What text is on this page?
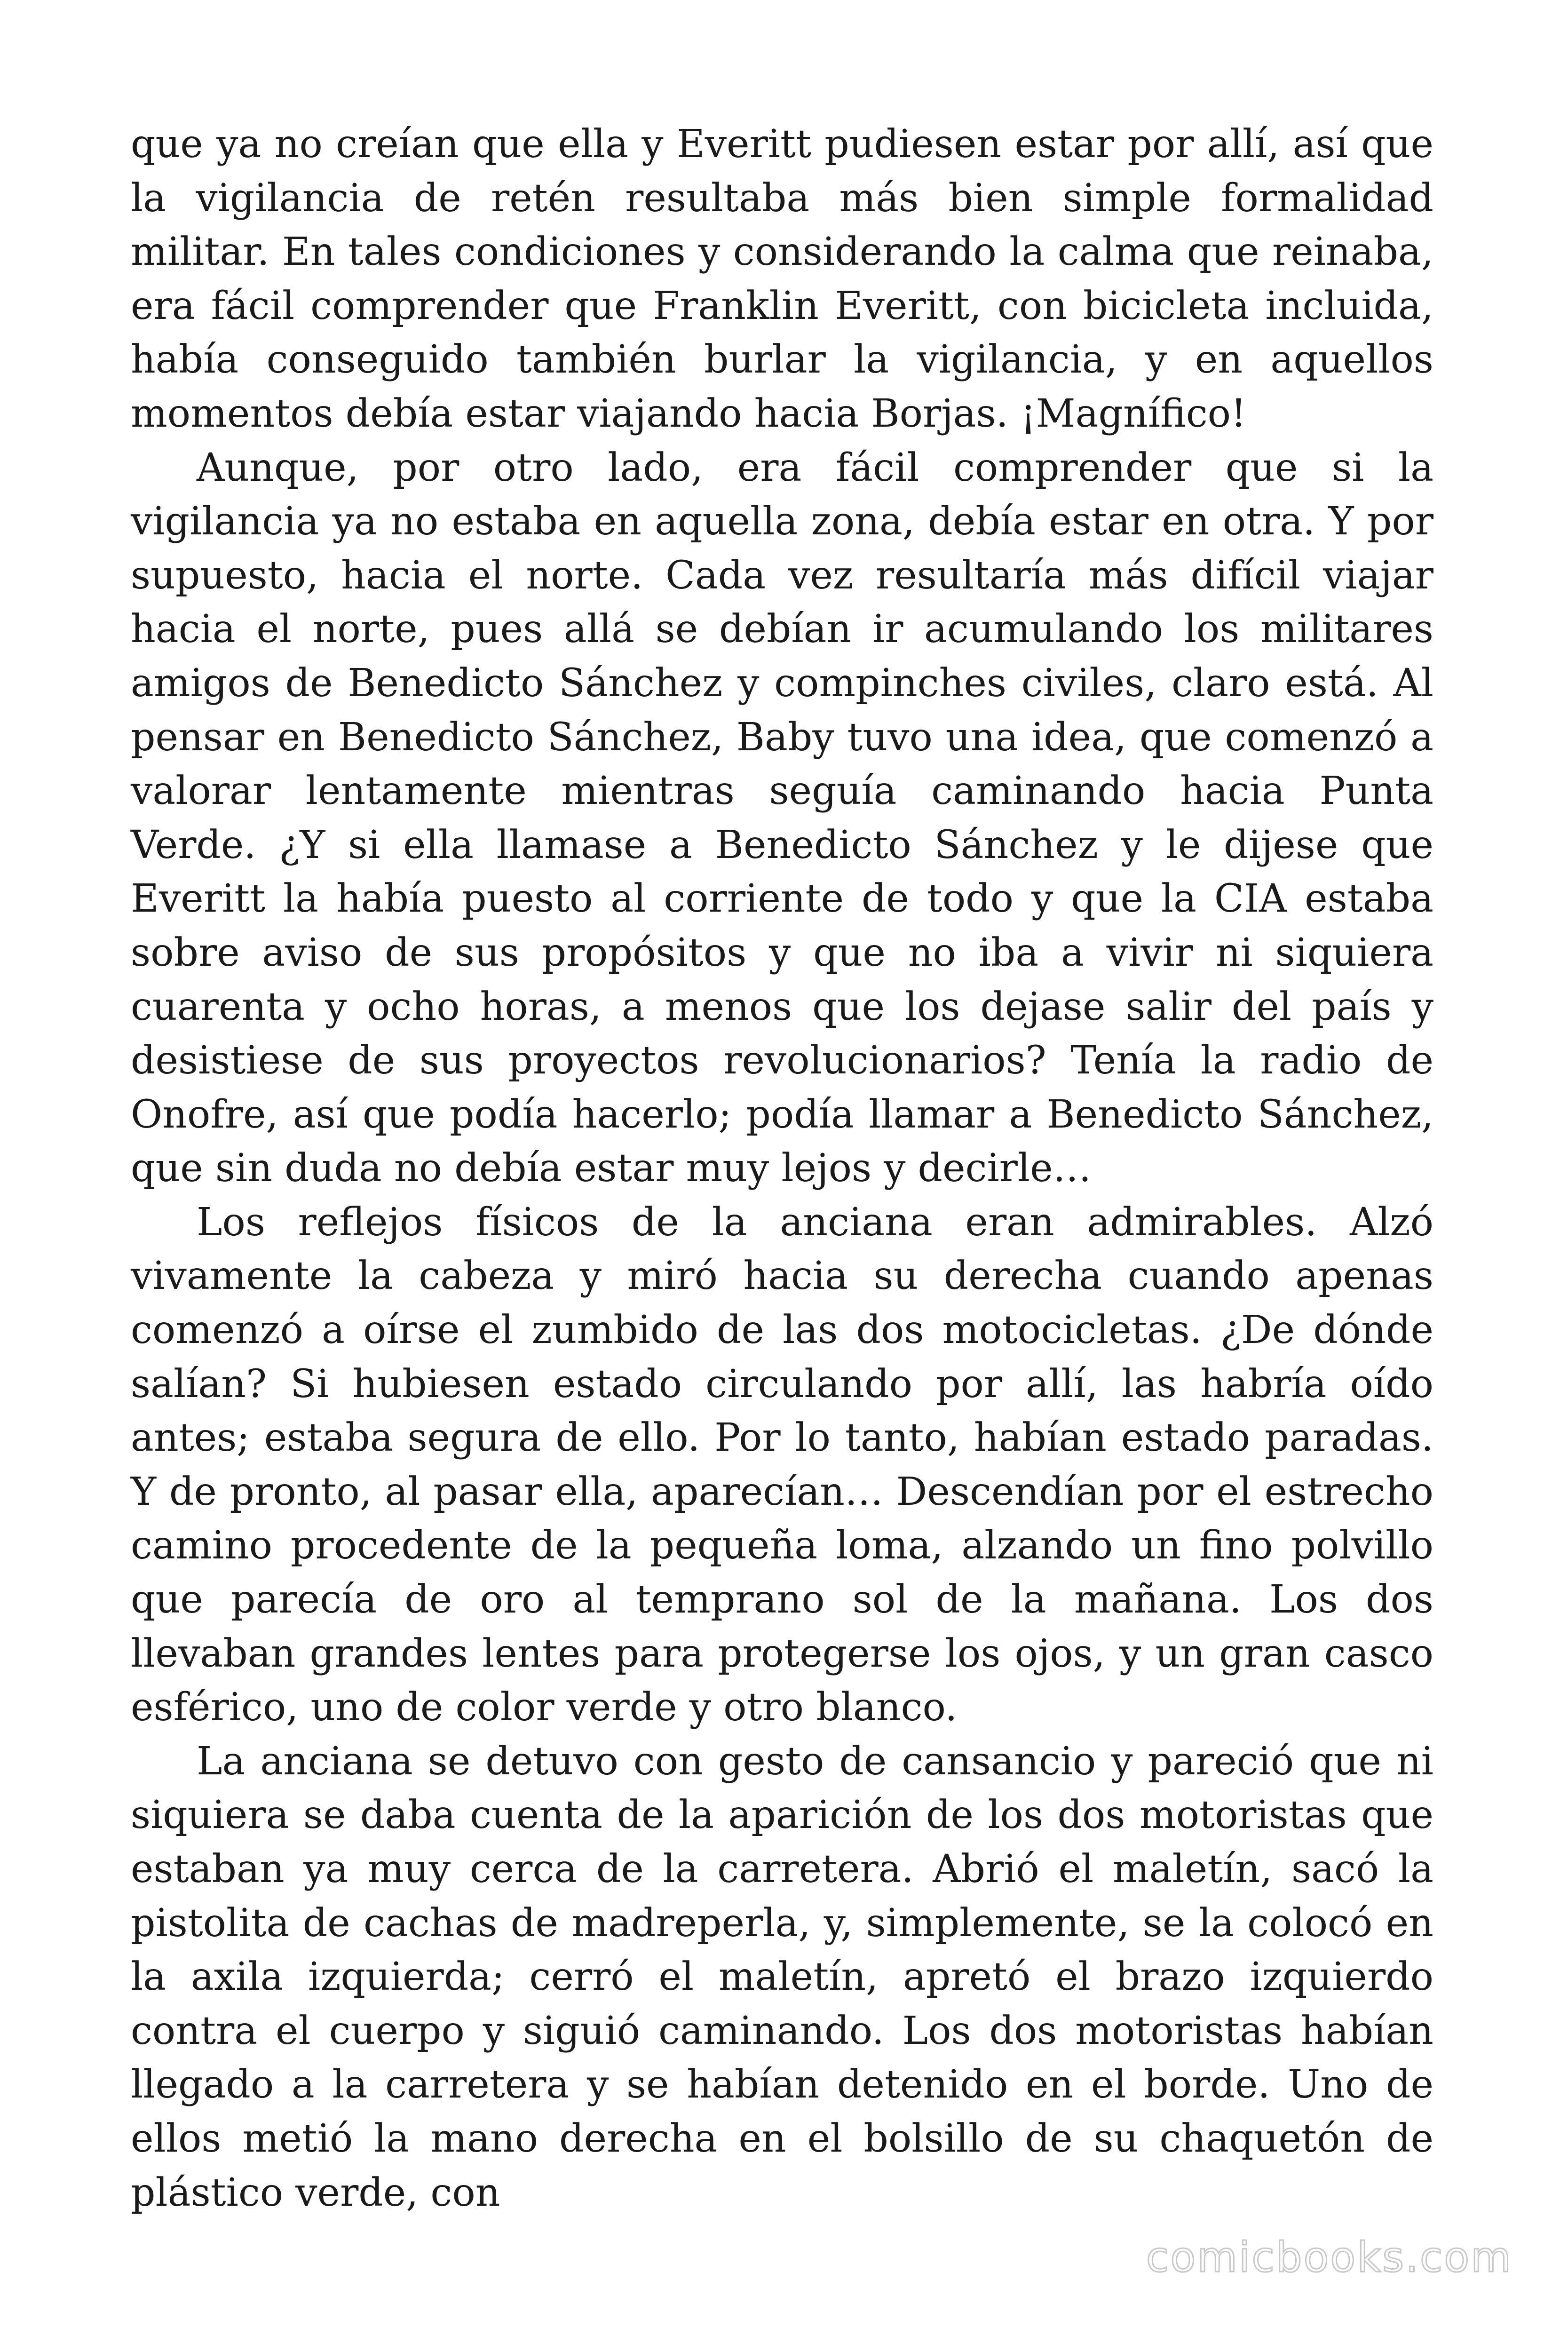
que ya no creían que ella y Everitt pudiesen estar por allí, así que la vigilancia de retén resultaba más bien simple formalidad militar. En tales condiciones y considerando la calma que reinaba, era fácil comprender que Franklin Everitt, con bicicleta incluida, había conseguido también burlar la vigilancia, y en aquellos momentos debía estar viajando hacia Borjas. ¡Magnífico!

Aunque, por otro lado, era fácil comprender que si la vigilancia ya no estaba en aquella zona, debía estar en otra. Y por supuesto, hacia el norte. Cada vez resultaría más difícil viajar hacia el norte, pues allá se debían ir acumulando los militares amigos de Benedicto Sánchez y compinches civiles, claro está. Al pensar en Benedicto Sánchez, Baby tuvo una idea, que comenzó a valorar lentamente mientras seguía caminando hacia Punta Verde. ¿Y si ella llamase a Benedicto Sánchez y le dijese que Everitt la había puesto al corriente de todo y que la CIA estaba sobre aviso de sus propósitos y que no iba a vivir ni siquiera cuarenta y ocho horas, a menos que los dejase salir del país y desistiese de sus proyectos revolucionarios? Tenía la radio de Onofre, así que podía hacerlo; podía llamar a Benedicto Sánchez, que sin duda no debía estar muy lejos y decirle…

Los reflejos físicos de la anciana eran admirables. Alzó vivamente la cabeza y miró hacia su derecha cuando apenas comenzó a oírse el zumbido de las dos motocicletas. ¿De dónde salían? Si hubiesen estado circulando por allí, las habría oído antes; estaba segura de ello. Por lo tanto, habían estado paradas. Y de pronto, al pasar ella, aparecían… Descendían por el estrecho camino procedente de la pequeña loma, alzando un fino polvillo que parecía de oro al temprano sol de la mañana. Los dos llevaban grandes lentes para protegerse los ojos, y un gran casco esférico, uno de color verde y otro blanco.

La anciana se detuvo con gesto de cansancio y pareció que ni siquiera se daba cuenta de la aparición de los dos motoristas que estaban ya muy cerca de la carretera. Abrió el maletín, sacó la pistolita de cachas de madreperla, y, simplemente, se la colocó en la axila izquierda; cerró el maletín, apretó el brazo izquierdo contra el cuerpo y siguió caminando. Los dos motoristas habían llegado a la carretera y se habían detenido en el borde. Uno de ellos metió la mano derecha en el bolsillo de su chaquetón de plástico verde, con

comicbooks.com
